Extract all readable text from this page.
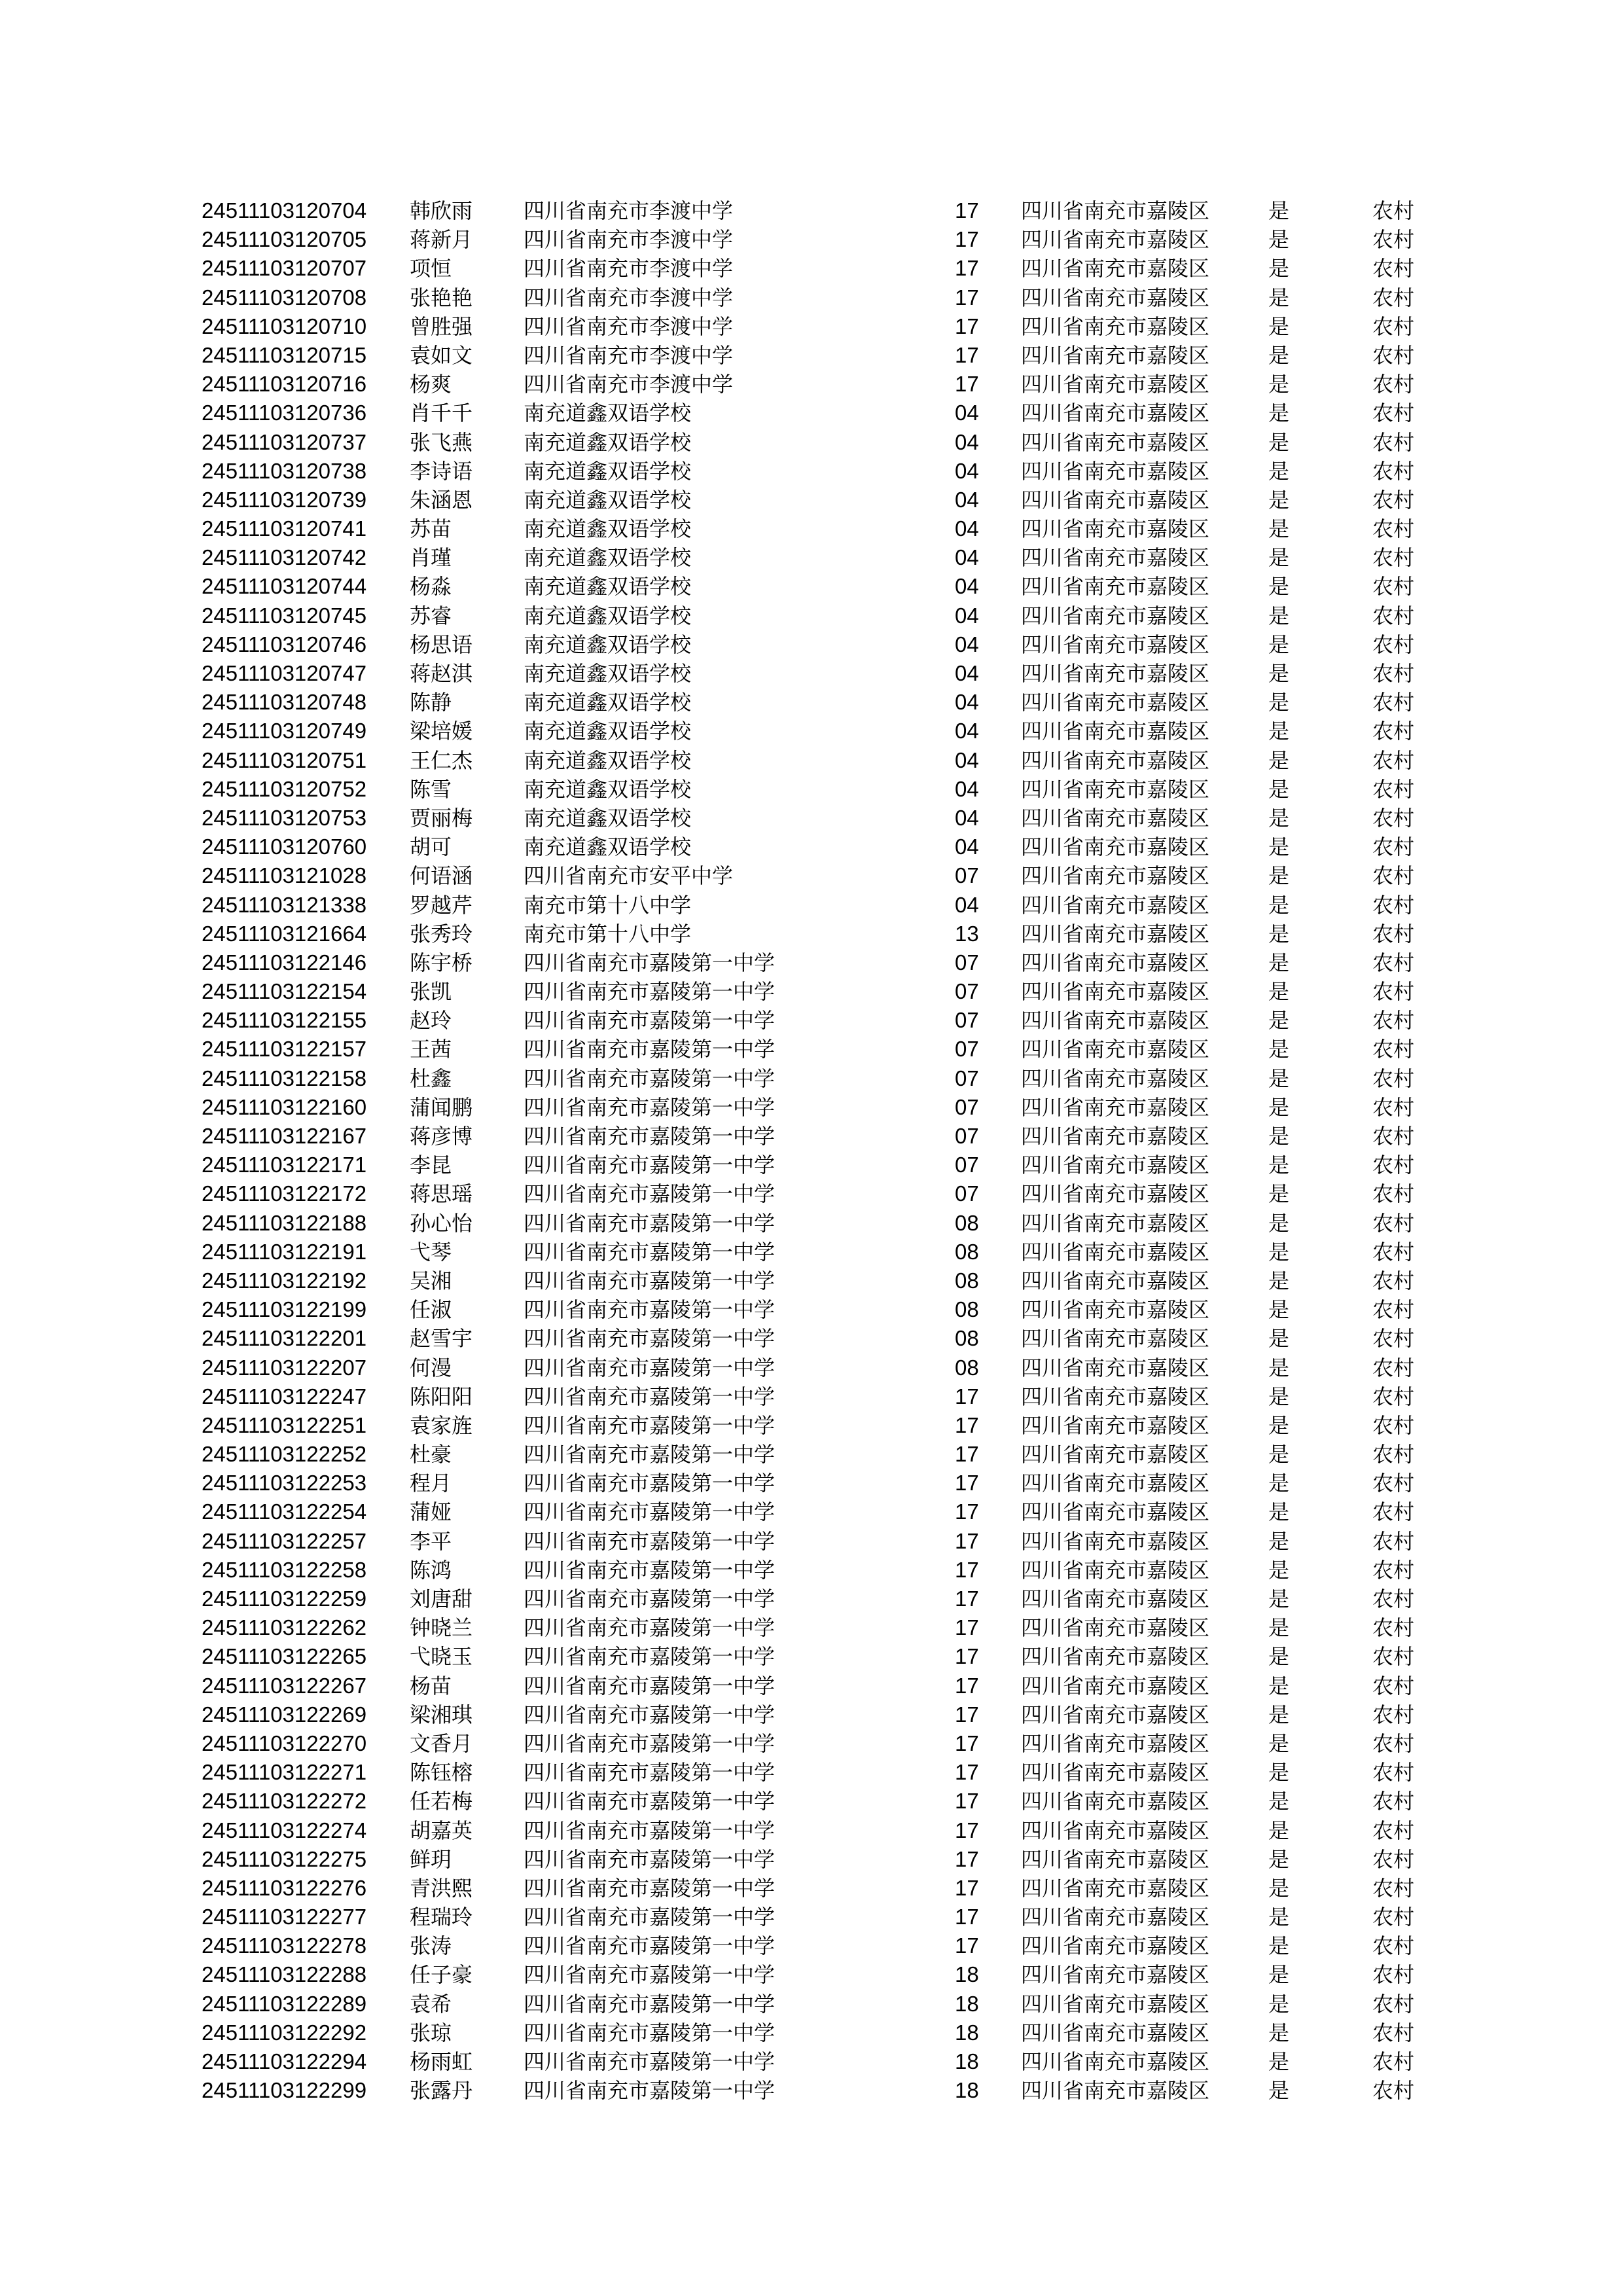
24511103120704 韩欣雨 四川省南充市李渡中学	17 四川省南充市嘉陵区	是	农村
24511103120705 蒋新月 四川省南充市李渡中学	17 四川省南充市嘉陵区	是	农村
24511103120707 项恒	四川省南充市李渡中学	17 四川省南充市嘉陵区	是	农村
24511103120708 张艳艳 四川省南充市李渡中学	17 四川省南充市嘉陵区	是	农村
24511103120710 曾胜强 四川省南充市李渡中学	17 四川省南充市嘉陵区	是	农村
24511103120715 袁如文 四川省南充市李渡中学	17 四川省南充市嘉陵区	是	农村
24511103120716 杨爽	四川省南充市李渡中学	17 四川省南充市嘉陵区	是	农村
24511103120736 肖千千 南充道鑫双语学校	04 四川省南充市嘉陵区	是	农村
24511103120737 张飞燕 南充道鑫双语学校	04 四川省南充市嘉陵区	是	农村
24511103120738 李诗语 南充道鑫双语学校	04 四川省南充市嘉陵区	是	农村
24511103120739 朱涵恩 南充道鑫双语学校	04 四川省南充市嘉陵区	是	农村
24511103120741 苏苗	南充道鑫双语学校	04 四川省南充市嘉陵区	是	农村
24511103120742 肖瑾	南充道鑫双语学校	04 四川省南充市嘉陵区	是	农村
24511103120744 杨淼	南充道鑫双语学校	04 四川省南充市嘉陵区	是	农村
24511103120745 苏睿	南充道鑫双语学校	04 四川省南充市嘉陵区	是	农村
24511103120746 杨思语 南充道鑫双语学校	04 四川省南充市嘉陵区	是	农村
24511103120747 蒋赵淇 南充道鑫双语学校	04 四川省南充市嘉陵区	是	农村
24511103120748 陈静	南充道鑫双语学校	04 四川省南充市嘉陵区	是	农村
24511103120749 梁培媛 南充道鑫双语学校	04 四川省南充市嘉陵区	是	农村
24511103120751 王仁杰 南充道鑫双语学校	04 四川省南充市嘉陵区	是	农村
24511103120752 陈雪	南充道鑫双语学校	04 四川省南充市嘉陵区	是	农村
24511103120753 贾丽梅 南充道鑫双语学校	04 四川省南充市嘉陵区	是	农村
24511103120760 胡可	南充道鑫双语学校	04 四川省南充市嘉陵区	是	农村
24511103121028 何语涵 四川省南充市安平中学	07 四川省南充市嘉陵区	是	农村
24511103121338 罗越芹 南充市第十八中学	04 四川省南充市嘉陵区	是	农村
24511103121664 张秀玲 南充市第十八中学	13 四川省南充市嘉陵区	是	农村
24511103122146 陈宇桥 四川省南充市嘉陵第一中学	07 四川省南充市嘉陵区	是	农村
24511103122154 张凯	四川省南充市嘉陵第一中学	07 四川省南充市嘉陵区	是	农村
24511103122155 赵玲	四川省南充市嘉陵第一中学	07 四川省南充市嘉陵区	是	农村
24511103122157 王茜	四川省南充市嘉陵第一中学	07 四川省南充市嘉陵区	是	农村
24511103122158 杜鑫	四川省南充市嘉陵第一中学	07 四川省南充市嘉陵区	是	农村
24511103122160 蒲闻鹏 四川省南充市嘉陵第一中学	07 四川省南充市嘉陵区	是	农村
24511103122167 蒋彦博 四川省南充市嘉陵第一中学	07 四川省南充市嘉陵区	是	农村
24511103122171 李昆	四川省南充市嘉陵第一中学	07 四川省南充市嘉陵区	是	农村
24511103122172 蒋思瑶 四川省南充市嘉陵第一中学	07 四川省南充市嘉陵区	是	农村
24511103122188 孙心怡 四川省南充市嘉陵第一中学	08 四川省南充市嘉陵区	是	农村
24511103122191 弋琴	四川省南充市嘉陵第一中学	08 四川省南充市嘉陵区	是	农村
24511103122192 吴湘	四川省南充市嘉陵第一中学	08 四川省南充市嘉陵区	是	农村
24511103122199 任淑	四川省南充市嘉陵第一中学	08 四川省南充市嘉陵区	是	农村
24511103122201 赵雪宇 四川省南充市嘉陵第一中学	08 四川省南充市嘉陵区	是	农村
24511103122207 何漫	四川省南充市嘉陵第一中学	08 四川省南充市嘉陵区	是	农村
24511103122247 陈阳阳 四川省南充市嘉陵第一中学	17 四川省南充市嘉陵区	是	农村
24511103122251 袁家旌 四川省南充市嘉陵第一中学	17 四川省南充市嘉陵区	是	农村
24511103122252 杜豪	四川省南充市嘉陵第一中学	17 四川省南充市嘉陵区	是	农村
24511103122253 程月	四川省南充市嘉陵第一中学	17 四川省南充市嘉陵区	是	农村
24511103122254 蒲娅	四川省南充市嘉陵第一中学	17 四川省南充市嘉陵区	是	农村
24511103122257 李平	四川省南充市嘉陵第一中学	17 四川省南充市嘉陵区	是	农村
24511103122258 陈鸿	四川省南充市嘉陵第一中学	17 四川省南充市嘉陵区	是	农村
24511103122259 刘唐甜 四川省南充市嘉陵第一中学	17 四川省南充市嘉陵区	是	农村
24511103122262 钟晓兰 四川省南充市嘉陵第一中学	17 四川省南充市嘉陵区	是	农村
24511103122265 弋晓玉 四川省南充市嘉陵第一中学	17 四川省南充市嘉陵区	是	农村
24511103122267 杨苗	四川省南充市嘉陵第一中学	17 四川省南充市嘉陵区	是	农村
24511103122269 梁湘琪 四川省南充市嘉陵第一中学	17 四川省南充市嘉陵区	是	农村
24511103122270 文香月 四川省南充市嘉陵第一中学	17 四川省南充市嘉陵区	是	农村
24511103122271 陈钰榕 四川省南充市嘉陵第一中学	17 四川省南充市嘉陵区	是	农村
24511103122272 任若梅 四川省南充市嘉陵第一中学	17 四川省南充市嘉陵区	是	农村
24511103122274 胡嘉英 四川省南充市嘉陵第一中学	17 四川省南充市嘉陵区	是	农村
24511103122275 鲜玥	四川省南充市嘉陵第一中学	17 四川省南充市嘉陵区	是	农村
24511103122276 青洪熙 四川省南充市嘉陵第一中学	17 四川省南充市嘉陵区	是	农村
24511103122277 程瑞玲 四川省南充市嘉陵第一中学	17 四川省南充市嘉陵区	是	农村
24511103122278 张涛	四川省南充市嘉陵第一中学	17 四川省南充市嘉陵区	是	农村
24511103122288 任子豪 四川省南充市嘉陵第一中学	18 四川省南充市嘉陵区	是	农村
24511103122289 袁希	四川省南充市嘉陵第一中学	18 四川省南充市嘉陵区	是	农村
24511103122292 张琼	四川省南充市嘉陵第一中学	18 四川省南充市嘉陵区	是	农村
24511103122294 杨雨虹 四川省南充市嘉陵第一中学	18 四川省南充市嘉陵区	是	农村
24511103122299 张露丹 四川省南充市嘉陵第一中学	18 四川省南充市嘉陵区	是	农村
